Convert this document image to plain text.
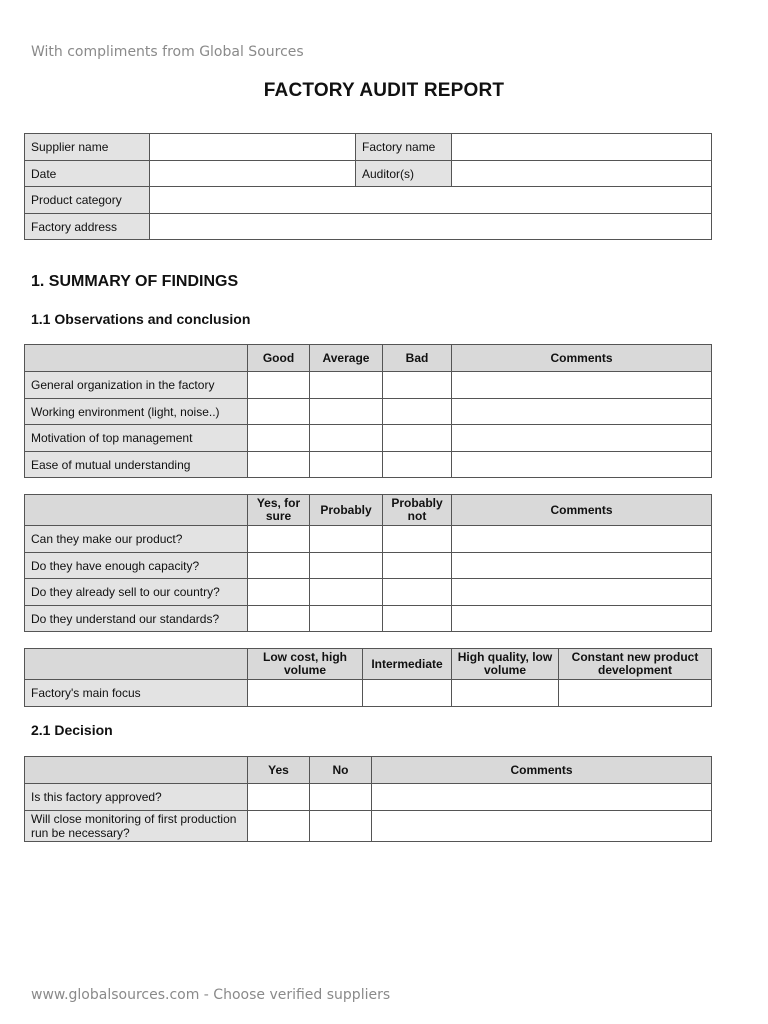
With compliments from Global Sources
FACTORY AUDIT REPORT
Supplier name		Factory name	
Date		Auditor(s)	
Product category			
Factory address			
1. SUMMARY OF FINDINGS
1.1 Observations and conclusion
	Good	Average	Bad	Comments
General organization in the factory				
Working environment (light, noise..)				
Motivation of top management				
Ease of mutual understanding				
	Yes, for sure	Probably	Probably not	Comments
Can they make our product?				
Do they have enough capacity?				
Do they already sell to our country?				
Do they understand our standards?				
	Low cost, high volume	Intermediate	High quality, low volume	Constant new product development
Factory's main focus				
2.1 Decision
	Yes	No	Comments
Is this factory approved?			
Will close monitoring of first production run be necessary?			
www.globalsources.com - Choose verified suppliers
